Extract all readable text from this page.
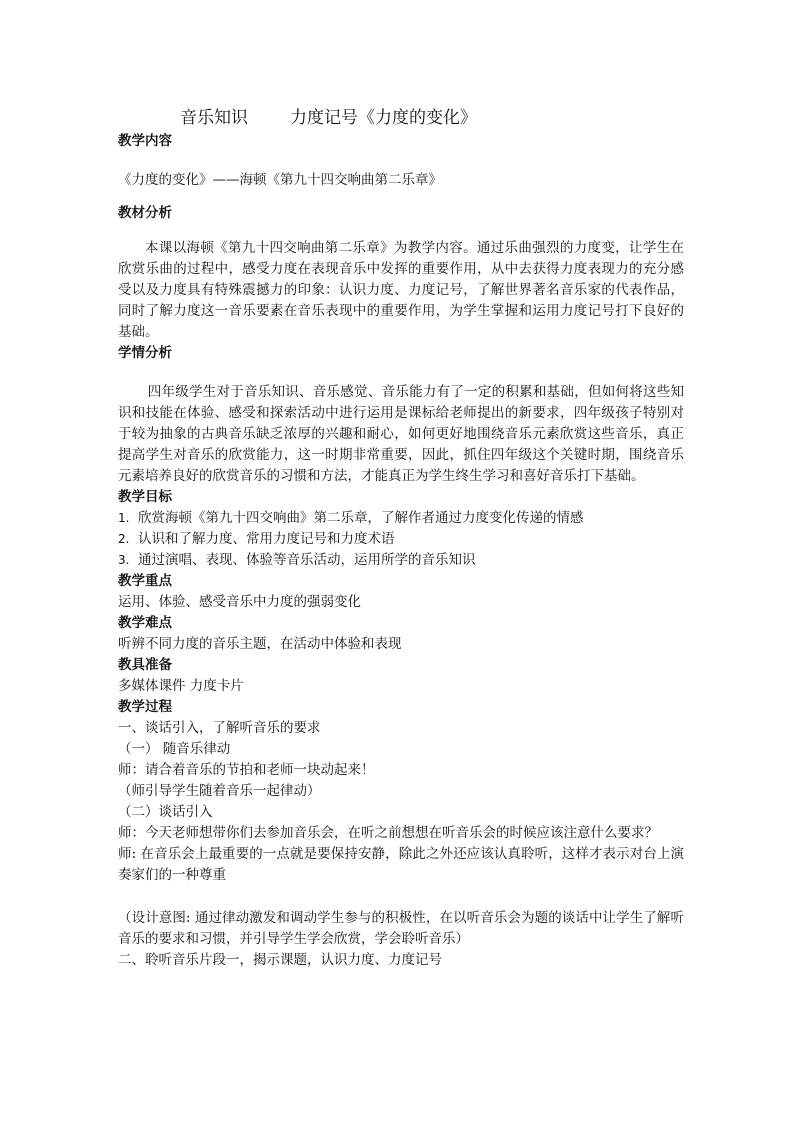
音乐知识 力度记号《力度的变化》

教学内容

《力度的变化》——海顿《第九十四交响曲第二乐章》

教材分析

本课以海顿《第九十四交响曲第二乐章》为教学内容。通过乐曲强烈的力度变，让学生在欣赏乐曲的过程中，感受力度在表现音乐中发挥的重要作用，从中去获得力度表现力的充分感受以及力度具有特殊震撼力的印象：认识力度、力度记号，了解世界著名音乐家的代表作品，同时了解力度这一音乐要素在音乐表现中的重要作用，为学生掌握和运用力度记号打下良好的基础。

学情分析

四年级学生对于音乐知识、音乐感觉、音乐能力有了一定的积累和基础，但如何将这些知识和技能在体验、感受和探索活动中进行运用是课标给老师提出的新要求，四年级孩子特别对于较为抽象的古典音乐缺乏浓厚的兴趣和耐心，如何更好地围绕音乐元素欣赏这些音乐，真正提高学生对音乐的欣赏能力，这一时期非常重要，因此，抓住四年级这个关键时期，围绕音乐元素培养良好的欣赏音乐的习惯和方法，才能真正为学生终生学习和喜好音乐打下基础。

教学目标

1. 欣赏海顿《第九十四交响曲》第二乐章，了解作者通过力度变化传递的情感
2. 认识和了解力度、常用力度记号和力度术语
3. 通过演唱、表现、体验等音乐活动，运用所学的音乐知识

教学重点

运用、体验、感受音乐中力度的强弱变化

教学难点

听辨不同力度的音乐主题，在活动中体验和表现

教具准备

多媒体课件 力度卡片

教学过程

一、谈话引入，了解听音乐的要求

（一） 随音乐律动

师：请合着音乐的节拍和老师一块动起来！

（师引导学生随着音乐一起律动）

（二）谈话引入

师：今天老师想带你们去参加音乐会，在听之前想想在听音乐会的时候应该注意什么要求？

师: 在音乐会上最重要的一点就是要保持安静，除此之外还应该认真聆听，这样才表示对台上演奏家们的一种尊重

（设计意图: 通过律动激发和调动学生参与的积极性，在以听音乐会为题的谈话中让学生了解听音乐的要求和习惯，并引导学生学会欣赏，学会聆听音乐）

二、聆听音乐片段一，揭示课题，认识力度、力度记号
